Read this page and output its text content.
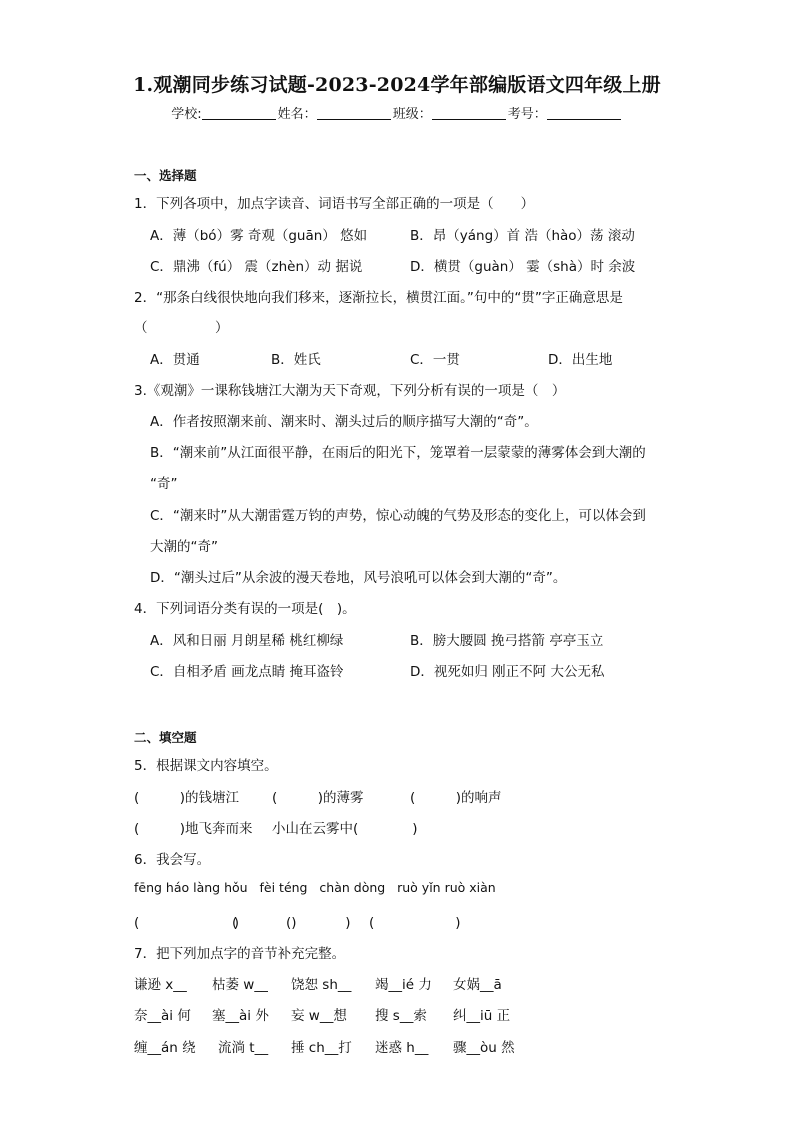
1.观潮同步练习试题-2023-2024学年部编版语文四年级上册
学校:	姓名：	班级：	考号：
一、选择题
1．下列各项中，加点字读音、词语书写全部正确的一项是（　　）
A．薄（bó）雾 奇观（guān） 悠如	B．昂（yáng）首 浩（hào）荡 滚动
C．鼎沸（fú） 震（zhèn）动 据说	D．横贯（guàn） 霎（shà）时 余波
2．“那条白线很快地向我们移来，逐渐拉长，横贯江面。”句中的“贯”字正确意思是
（　　　　　）
A．贯通	B．姓氏	C．一贯	D．出生地
3.《观潮》一课称钱塘江大潮为天下奇观，下列分析有误的一项是（　）
A．作者按照潮来前、潮来时、潮头过后的顺序描写大潮的“奇”。
B．“潮来前”从江面很平静，在雨后的阳光下，笼罩着一层蒙蒙的薄雾体会到大潮的
“奇”
C．“潮来时”从大潮雷霆万钧的声势，惊心动魄的气势及形态的变化上，可以体会到
大潮的“奇”
D．“潮头过后”从余波的漫天卷地，风号浪吼可以体会到大潮的“奇”。
4．下列词语分类有误的一项是(　)。
A．风和日丽 月朗星稀 桃红柳绿	B．膀大腰圆 挽弓搭箭 亭亭玉立
C．自相矛盾 画龙点睛 掩耳盗铃	D．视死如归 刚正不阿 大公无私
二、填空题
5．根据课文内容填空。
(　　　)的钱塘江 (　　　)的薄雾	(　　　)的响声
(　　　)地飞奔而来 小山在云雾中(　　　　)
6．我会写。
fēng háo làng hǒu   fèi téng   chàn dòng   ruò yǐn ruò xiàn
(　　　　　　　)
(　　　　)
(　　　　) (　　　　　　)
7．把下列加点字的音节补充完整。
谦逊 x__ 枯萎 w__ 饶恕 sh__ 竭__ié 力 女娲__ā
奈__ài 何 塞__ài 外 妄 w__想 搜 s__索 纠__iū 正
缠__án 绕 流淌 t__ 捶 ch__打 迷惑 h__ 骤__òu 然
